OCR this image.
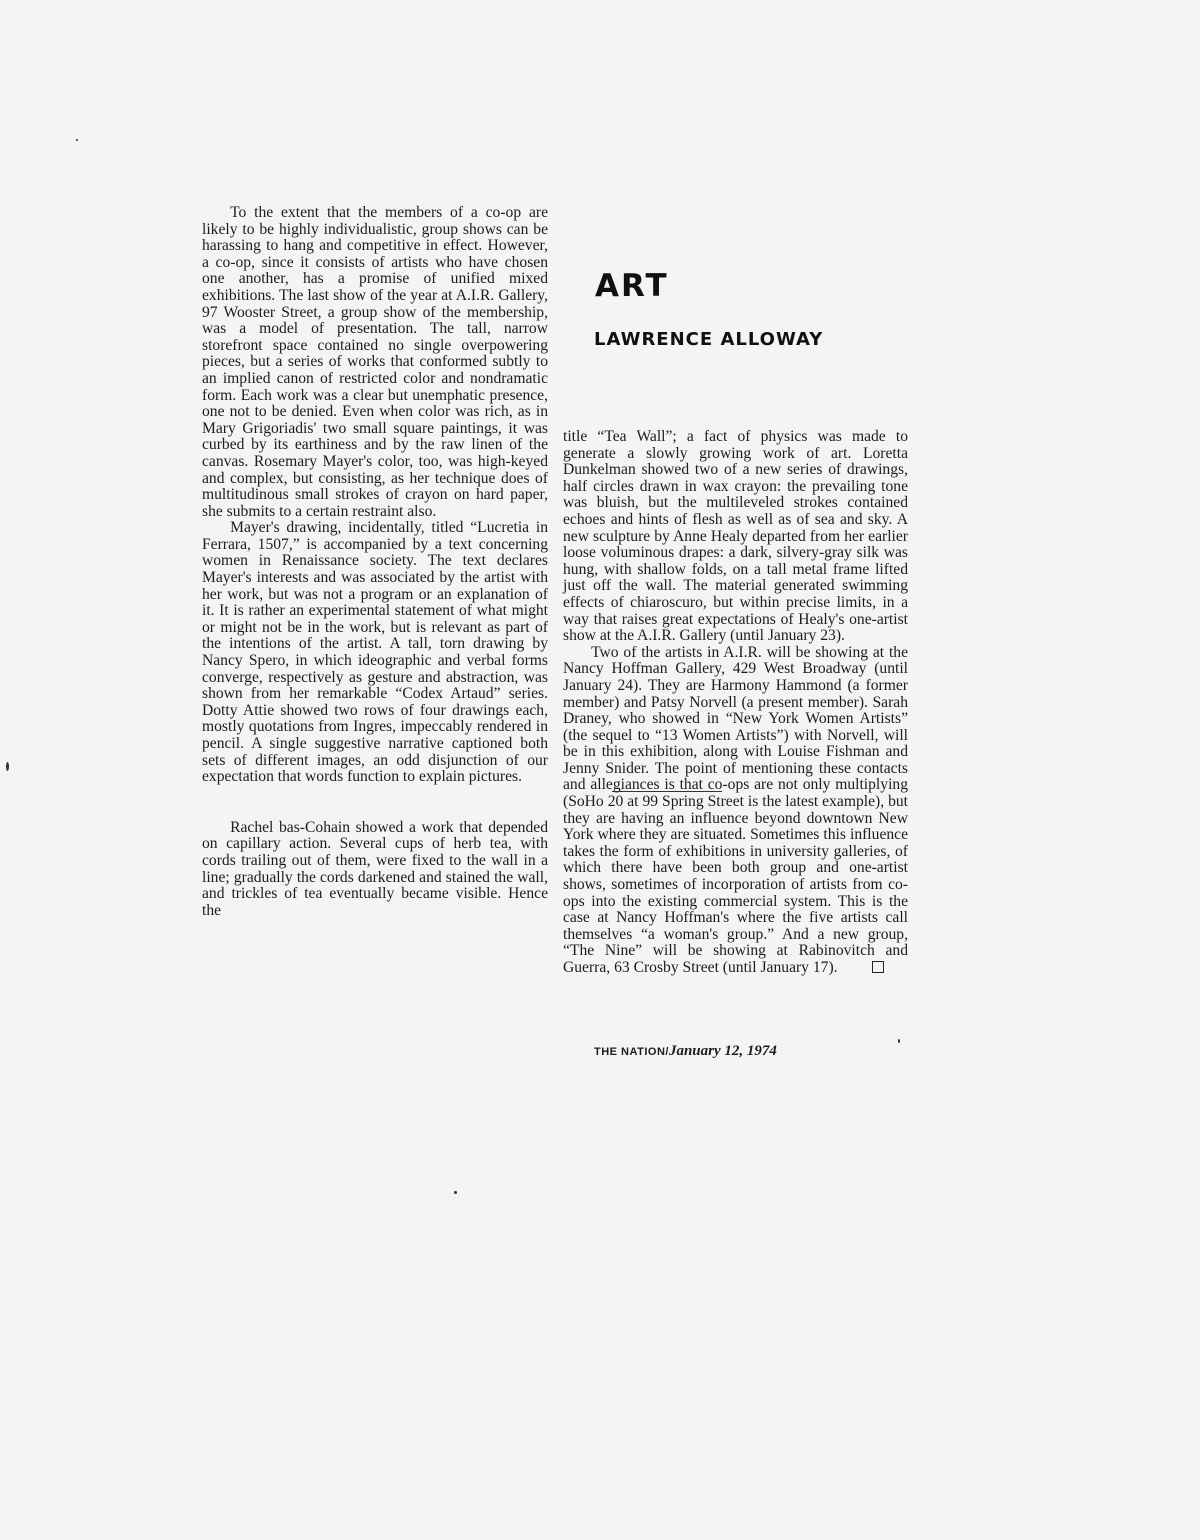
ART
LAWRENCE ALLOWAY

To the extent that the members of a co-op are likely to be highly individualistic, group shows can be harassing to hang and competitive in effect. However, a co-op, since it consists of artists who have chosen one another, has a promise of unified mixed exhibitions. The last show of the year at A.I.R. Gallery, 97 Wooster Street, a group show of the membership, was a model of presentation. The tall, narrow storefront space contained no single overpowering pieces, but a series of works that conformed subtly to an implied canon of restricted color and nondramatic form. Each work was a clear but unemphatic presence, one not to be denied. Even when color was rich, as in Mary Grigoriadis' two small square paintings, it was curbed by its earthiness and by the raw linen of the canvas. Rosemary Mayer's color, too, was high-keyed and complex, but consisting, as her technique does of multitudinous small strokes of crayon on hard paper, she submits to a certain restraint also.

Mayer's drawing, incidentally, titled “Lucretia in Ferrara, 1507,” is accompanied by a text concerning women in Renaissance society. The text declares Mayer's interests and was associated by the artist with her work, but was not a program or an explanation of it. It is rather an experimental statement of what might or might not be in the work, but is relevant as part of the intentions of the artist. A tall, torn drawing by Nancy Spero, in which ideographic and verbal forms converge, respectively as gesture and abstraction, was shown from her remarkable “Codex Artaud” series. Dotty Attie showed two rows of four drawings each, mostly quotations from Ingres, impeccably rendered in pencil. A single suggestive narrative captioned both sets of different images, an odd disjunction of our expectation that words function to explain pictures.

Rachel bas-Cohain showed a work that depended on capillary action. Several cups of herb tea, with cords trailing out of them, were fixed to the wall in a line; gradually the cords darkened and stained the wall, and trickles of tea eventually became visible. Hence the

title “Tea Wall”; a fact of physics was made to generate a slowly growing work of art. Loretta Dunkelman showed two of a new series of drawings, half circles drawn in wax crayon: the prevailing tone was bluish, but the multileveled strokes contained echoes and hints of flesh as well as of sea and sky. A new sculpture by Anne Healy departed from her earlier loose voluminous drapes: a dark, silvery-gray silk was hung, with shallow folds, on a tall metal frame lifted just off the wall. The material generated swimming effects of chiaroscuro, but within precise limits, in a way that raises great expectations of Healy's one-artist show at the A.I.R. Gallery (until January 23).

Two of the artists in A.I.R. will be showing at the Nancy Hoffman Gallery, 429 West Broadway (until January 24). They are Harmony Hammond (a former member) and Patsy Norvell (a present member). Sarah Draney, who showed in “New York Women Artists” (the sequel to “13 Women Artists”) with Norvell, will be in this exhibition, along with Louise Fishman and Jenny Snider. The point of mentioning these contacts and allegiances is that co-ops are not only multiplying (SoHo 20 at 99 Spring Street is the latest example), but they are having an influence beyond downtown New York where they are situated. Sometimes this influence takes the form of exhibitions in university galleries, of which there have been both group and one-artist shows, sometimes of incorporation of artists from co-ops into the existing commercial system. This is the case at Nancy Hoffman's where the five artists call themselves “a woman's group.” And a new group, “The Nine” will be showing at Rabinovitch and Guerra, 63 Crosby Street (until January 17).

THE NATION/January 12, 1974
